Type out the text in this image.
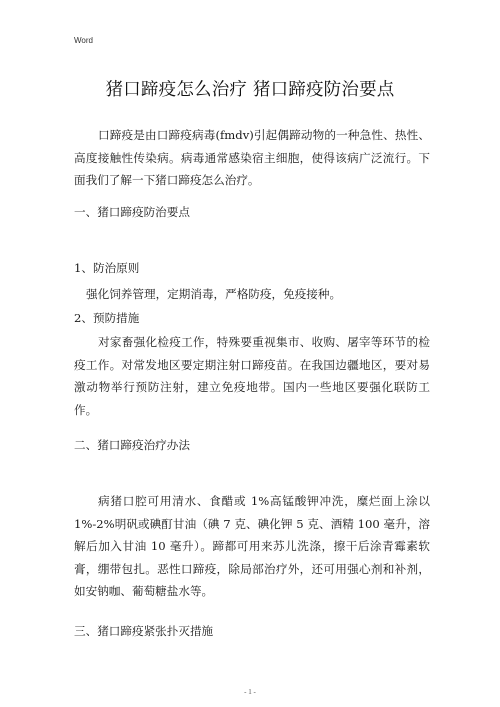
Word
猪口蹄疫怎么治疗 猪口蹄疫防治要点
口蹄疫是由口蹄疫病毒(fmdv)引起偶蹄动物的一种急性、热性、高度接触性传染病。病毒通常感染宿主细胞，使得该病广泛流行。下面我们了解一下猪口蹄疫怎么治疗。
一、猪口蹄疫防治要点
1、防治原则
强化饲养管理，定期消毒，严格防疫，免疫接种。
2、预防措施
对家畜强化检疫工作，特殊要重视集市、收购、屠宰等环节的检疫工作。对常发地区要定期注射口蹄疫苗。在我国边疆地区，要对易激动物举行预防注射，建立免疫地带。国内一些地区要强化联防工作。
二、猪口蹄疫治疗办法
病猪口腔可用清水、食醋或 1%高锰酸钾冲洗，糜烂面上涂以 1%-2%明矾或碘酊甘油（碘 7 克、碘化钾 5 克、酒精 100 毫升，溶解后加入甘油 10 毫升）。蹄都可用来苏儿洗涤，擦干后涂青霉素软膏，绷带包扎。恶性口蹄疫，除局部治疗外，还可用强心剂和补剂，如安钠咖、葡萄糖盐水等。
三、猪口蹄疫紧张扑灭措施
- 1 -
